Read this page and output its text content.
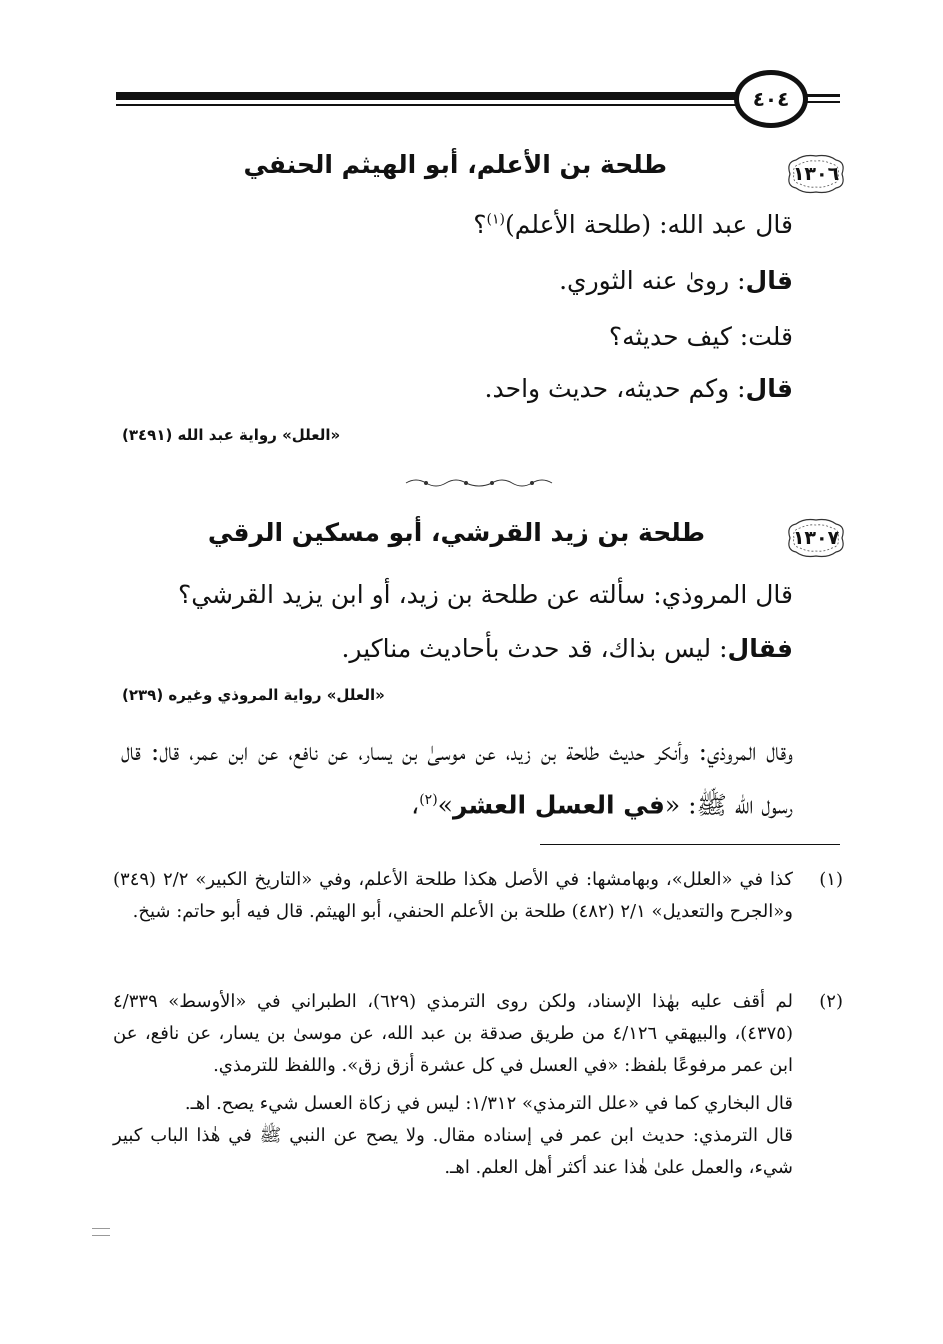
٤٠٤
١٣٠٦
طلحة بن الأعلم، أبو الهيثم الحنفي
قال عبد الله: (طلحة الأعلم)$^{(١)}$؟
قال: روىٰ عنه الثوري.
قلت: كيف حديثه؟
قال: وكم حديثه، حديث واحد.
«العلل» رواية عبد الله (٣٤٩١)
١٣٠٧
طلحة بن زيد القرشي، أبو مسكين الرقي
قال المروذي: سألته عن طلحة بن زيد، أو ابن يزيد القرشي؟
فقال: ليس بذاك، قد حدث بأحاديث مناكير.
«العلل» رواية المروذي وغيره (٢٣٩)
وقال المروذي: وأنكر حديث طلحة بن زيد، عن موسىٰ بن يسار، عن نافع، عن ابن عمر، قال: قال رسول الله ﷺ: «في العسل العشر»$^{(٢)}$،
(١)
كذا في «العلل»، وبهامشها: في الأصل هكذا طلحة الأعلم، وفي «التاريخ الكبير» ٢/٢ (٣٤٩) و«الجرح والتعديل» ٢/١ (٤٨٢) طلحة بن الأعلم الحنفي، أبو الهيثم. قال فيه أبو حاتم: شيخ.
(٢)
لم أقف عليه بهٰذا الإسناد، ولكن روى الترمذي (٦٢٩)، الطبراني في «الأوسط» ٤/٣٣٩ (٤٣٧٥)، والبيهقي ٤/١٢٦ من طريق صدقة بن عبد الله، عن موسىٰ بن يسار، عن نافع، عن ابن عمر مرفوعًا بلفظ: «في العسل في كل عشرة أزق زق». واللفظ للترمذي.
قال البخاري كما في «علل الترمذي» ١/٣١٢: ليس في زكاة العسل شيء يصح. اهـ.
قال الترمذي: حديث ابن عمر في إسناده مقال. ولا يصح عن النبي ﷺ في هٰذا الباب كبير شيء، والعمل علىٰ هٰذا عند أكثر أهل العلم. اهـ.
